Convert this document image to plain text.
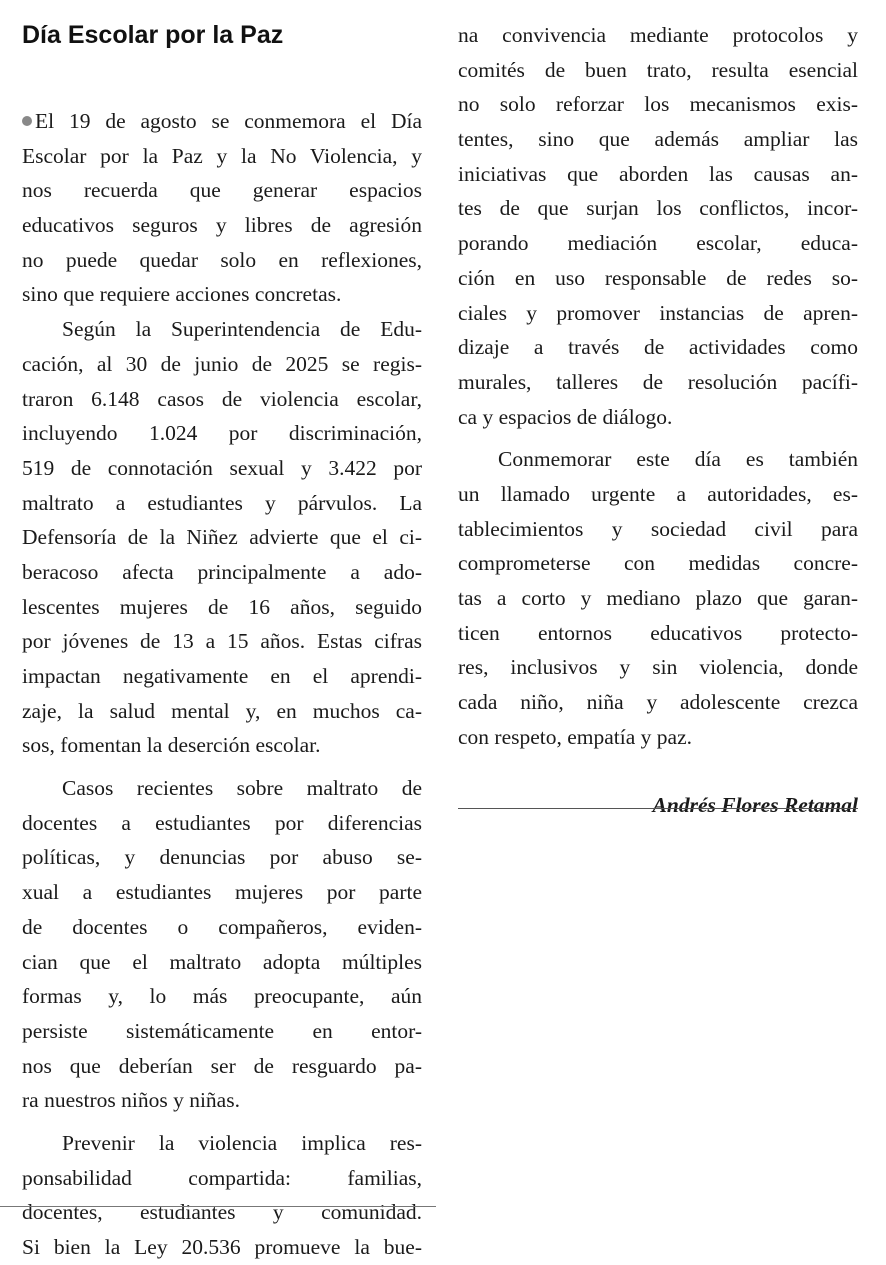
Día Escolar por la Paz
El 19 de agosto se conmemora el Día
Escolar por la Paz y la No Violencia, y
nos recuerda que generar espacios
educativos seguros y libres de agresión
no puede quedar solo en reflexiones,
sino que requiere acciones concretas.
Según la Superintendencia de Edu-
cación, al 30 de junio de 2025 se regis-
traron 6.148 casos de violencia escolar,
incluyendo 1.024 por discriminación,
519 de connotación sexual y 3.422 por
maltrato a estudiantes y párvulos. La
Defensoría de la Niñez advierte que el ci-
beracoso afecta principalmente a ado-
lescentes mujeres de 16 años, seguido
por jóvenes de 13 a 15 años. Estas cifras
impactan negativamente en el aprendi-
zaje, la salud mental y, en muchos ca-
sos, fomentan la deserción escolar.
Casos recientes sobre maltrato de
docentes a estudiantes por diferencias
políticas, y denuncias por abuso se-
xual a estudiantes mujeres por parte
de docentes o compañeros, eviden-
cian que el maltrato adopta múltiples
formas y, lo más preocupante, aún
persiste sistemáticamente en entor-
nos que deberían ser de resguardo pa-
ra nuestros niños y niñas.
Prevenir la violencia implica res-
ponsabilidad compartida: familias,
docentes, estudiantes y comunidad.
Si bien la Ley 20.536 promueve la bue-
na convivencia mediante protocolos y
comités de buen trato, resulta esencial
no solo reforzar los mecanismos exis-
tentes, sino que además ampliar las
iniciativas que aborden las causas an-
tes de que surjan los conflictos, incor-
porando mediación escolar, educa-
ción en uso responsable de redes so-
ciales y promover instancias de apren-
dizaje a través de actividades como
murales, talleres de resolución pacífi-
ca y espacios de diálogo.
Conmemorar este día es también
un llamado urgente a autoridades, es-
tablecimientos y sociedad civil para
comprometerse con medidas concre-
tas a corto y mediano plazo que garan-
ticen entornos educativos protecto-
res, inclusivos y sin violencia, donde
cada niño, niña y adolescente crezca
con respeto, empatía y paz.
Andrés Flores Retamal
